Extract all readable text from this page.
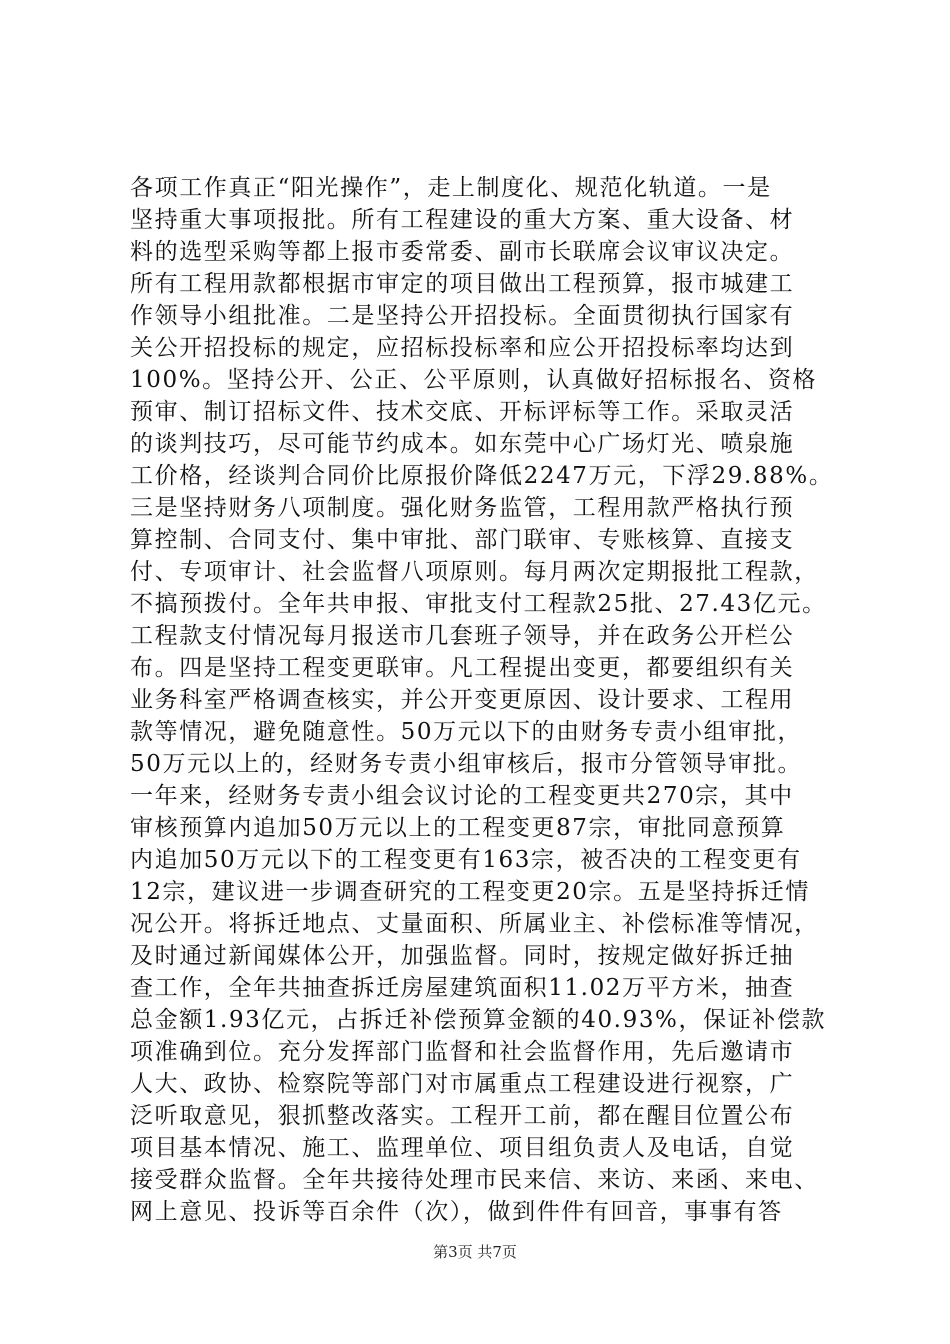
各项工作真正“阳光操作”，走上制度化、规范化轨道。一是
坚持重大事项报批。所有工程建设的重大方案、重大设备、材
料的选型采购等都上报市委常委、副市长联席会议审议决定。
所有工程用款都根据市审定的项目做出工程预算，报市城建工
作领导小组批准。二是坚持公开招投标。全面贯彻执行国家有
关公开招投标的规定，应招标投标率和应公开招投标率均达到
100%。坚持公开、公正、公平原则，认真做好招标报名、资格
预审、制订招标文件、技术交底、开标评标等工作。采取灵活
的谈判技巧，尽可能节约成本。如东莞中心广场灯光、喷泉施
工价格，经谈判合同价比原报价降低2247万元，下浮29.88%。
三是坚持财务八项制度。强化财务监管，工程用款严格执行预
算控制、合同支付、集中审批、部门联审、专账核算、直接支
付、专项审计、社会监督八项原则。每月两次定期报批工程款，
不搞预拨付。全年共申报、审批支付工程款25批、27.43亿元。
工程款支付情况每月报送市几套班子领导，并在政务公开栏公
布。四是坚持工程变更联审。凡工程提出变更，都要组织有关
业务科室严格调查核实，并公开变更原因、设计要求、工程用
款等情况，避免随意性。50万元以下的由财务专责小组审批，
50万元以上的，经财务专责小组审核后，报市分管领导审批。
一年来，经财务专责小组会议讨论的工程变更共270宗，其中
审核预算内追加50万元以上的工程变更87宗，审批同意预算
内追加50万元以下的工程变更有163宗，被否决的工程变更有
12宗，建议进一步调查研究的工程变更20宗。五是坚持拆迁情
况公开。将拆迁地点、丈量面积、所属业主、补偿标准等情况，
及时通过新闻媒体公开，加强监督。同时，按规定做好拆迁抽
查工作，全年共抽查拆迁房屋建筑面积11.02万平方米，抽查
总金额1.93亿元，占拆迁补偿预算金额的40.93%，保证补偿款
项准确到位。充分发挥部门监督和社会监督作用，先后邀请市
人大、政协、检察院等部门对市属重点工程建设进行视察，广
泛听取意见，狠抓整改落实。工程开工前，都在醒目位置公布
项目基本情况、施工、监理单位、项目组负责人及电话，自觉
接受群众监督。全年共接待处理市民来信、来访、来函、来电、
网上意见、投诉等百余件（次），做到件件有回音，事事有答
第3页 共7页
